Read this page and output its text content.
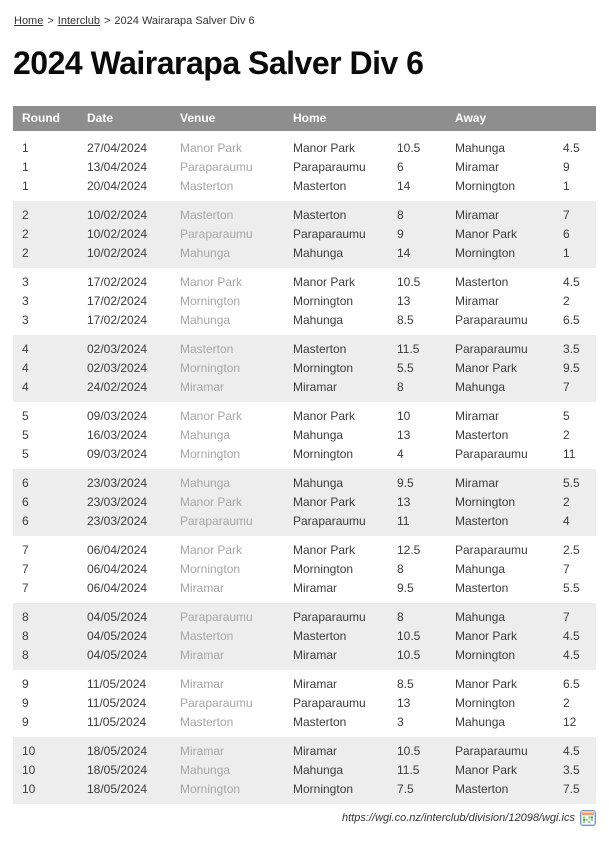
Home > Interclub > 2024 Wairarapa Salver Div 6
2024 Wairarapa Salver Div 6
Round	Date	Venue	Home		Away	
1	27/04/2024	Manor Park	Manor Park	10.5	Mahunga	4.5
1	13/04/2024	Paraparaumu	Paraparaumu	6	Miramar	9
1	20/04/2024	Masterton	Masterton	14	Mornington	1
2	10/02/2024	Masterton	Masterton	8	Miramar	7
2	10/02/2024	Paraparaumu	Paraparaumu	9	Manor Park	6
2	10/02/2024	Mahunga	Mahunga	14	Mornington	1
3	17/02/2024	Manor Park	Manor Park	10.5	Masterton	4.5
3	17/02/2024	Mornington	Mornington	13	Miramar	2
3	17/02/2024	Mahunga	Mahunga	8.5	Paraparaumu	6.5
4	02/03/2024	Masterton	Masterton	11.5	Paraparaumu	3.5
4	02/03/2024	Mornington	Mornington	5.5	Manor Park	9.5
4	24/02/2024	Miramar	Miramar	8	Mahunga	7
5	09/03/2024	Manor Park	Manor Park	10	Miramar	5
5	16/03/2024	Mahunga	Mahunga	13	Masterton	2
5	09/03/2024	Mornington	Mornington	4	Paraparaumu	11
6	23/03/2024	Mahunga	Mahunga	9.5	Miramar	5.5
6	23/03/2024	Manor Park	Manor Park	13	Mornington	2
6	23/03/2024	Paraparaumu	Paraparaumu	11	Masterton	4
7	06/04/2024	Manor Park	Manor Park	12.5	Paraparaumu	2.5
7	06/04/2024	Mornington	Mornington	8	Mahunga	7
7	06/04/2024	Miramar	Miramar	9.5	Masterton	5.5
8	04/05/2024	Paraparaumu	Paraparaumu	8	Mahunga	7
8	04/05/2024	Masterton	Masterton	10.5	Manor Park	4.5
8	04/05/2024	Miramar	Miramar	10.5	Mornington	4.5
9	11/05/2024	Miramar	Miramar	8.5	Manor Park	6.5
9	11/05/2024	Paraparaumu	Paraparaumu	13	Mornington	2
9	11/05/2024	Masterton	Masterton	3	Mahunga	12
10	18/05/2024	Miramar	Miramar	10.5	Paraparaumu	4.5
10	18/05/2024	Mahunga	Mahunga	11.5	Manor Park	3.5
10	18/05/2024	Mornington	Mornington	7.5	Masterton	7.5
https://wgi.co.nz/interclub/division/12098/wgi.ics
